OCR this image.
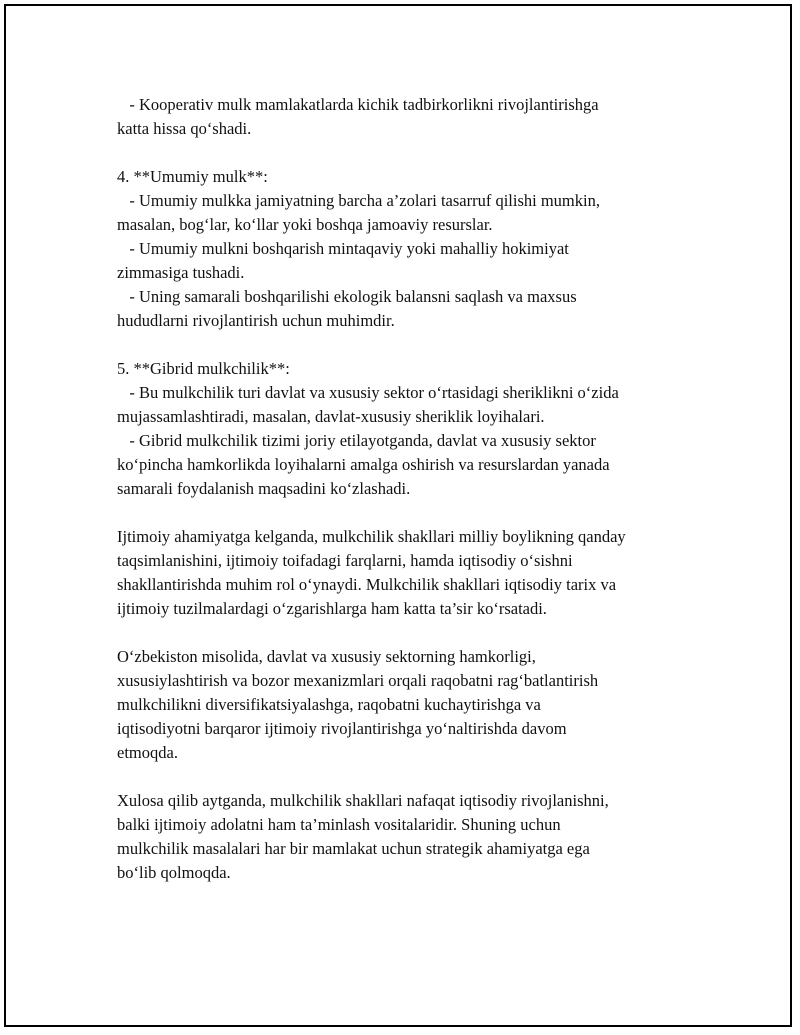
- Kooperativ mulk mamlakatlarda kichik tadbirkorlikni rivojlantirishga
katta hissa qo‘shadi.

4. **Umumiy mulk**:
- Umumiy mulkka jamiyatning barcha a’zolari tasarruf qilishi mumkin,
masalan, bog‘lar, ko‘llar yoki boshqa jamoaviy resurslar.
- Umumiy mulkni boshqarish mintaqaviy yoki mahalliy hokimiyat
zimmasiga tushadi.
- Uning samarali boshqarilishi ekologik balansni saqlash va maxsus
hududlarni rivojlantirish uchun muhimdir.

5. **Gibrid mulkchilik**:
- Bu mulkchilik turi davlat va xususiy sektor o‘rtasidagi sheriklikni o‘zida
mujassamlashtiradi, masalan, davlat-xususiy sheriklik loyihalari.
- Gibrid mulkchilik tizimi joriy etilayotganda, davlat va xususiy sektor
ko‘pincha hamkorlikda loyihalarni amalga oshirish va resurslardan yanada
samarali foydalanish maqsadini ko‘zlashadi.

Ijtimoiy ahamiyatga kelganda, mulkchilik shakllari milliy boylikning qanday
taqsimlanishini, ijtimoiy toifadagi farqlarni, hamda iqtisodiy o‘sishni
shakllantirishda muhim rol o‘ynaydi. Mulkchilik shakllari iqtisodiy tarix va
ijtimoiy tuzilmalardagi o‘zgarishlarga ham katta ta’sir ko‘rsatadi.

O‘zbekiston misolida, davlat va xususiy sektorning hamkorligi,
xususiylashtirish va bozor mexanizmlari orqali raqobatni rag‘batlantirish
mulkchilikni diversifikatsiyalashga, raqobatni kuchaytirishga va
iqtisodiyotni barqaror ijtimoiy rivojlantirishga yo‘naltirishda davom
etmoqda.

Xulosa qilib aytganda, mulkchilik shakllari nafaqat iqtisodiy rivojlanishni,
balki ijtimoiy adolatni ham ta’minlash vositalaridir. Shuning uchun
mulkchilik masalalari har bir mamlakat uchun strategik ahamiyatga ega
bo‘lib qolmoqda.
